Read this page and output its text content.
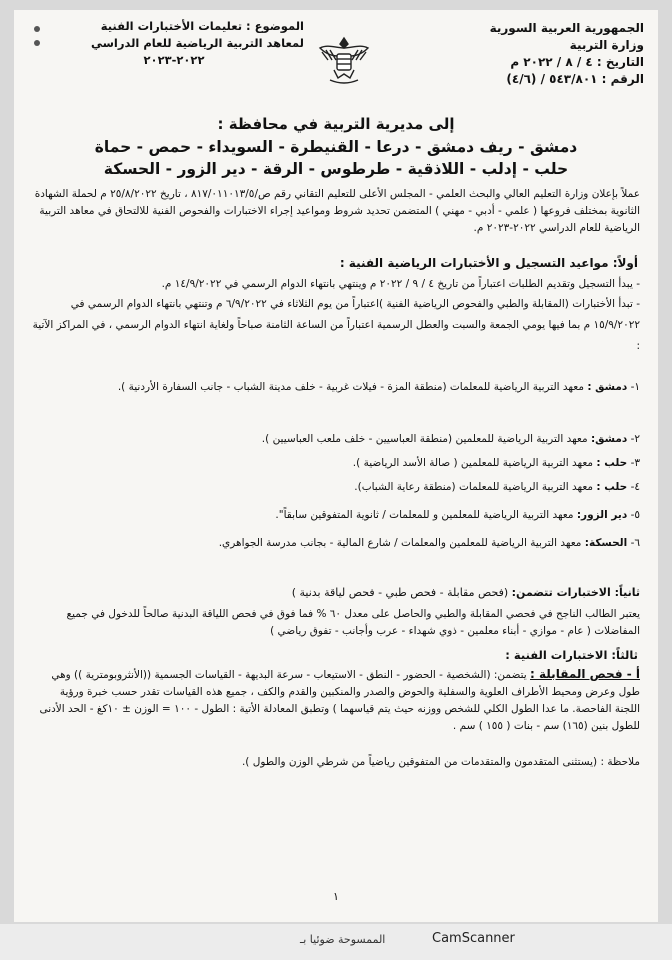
الجمهورية العربية السورية
وزارة التربية
التاريخ : ٤ / ٨ / ٢٠٢٢ م
الرقم : ٥٤٣/٨٠١ / (٤/٦)
الموضوع : تعليمات الأختبارات الفنية
لمعاهد التربية الرياضية للعام الدراسي
٢٠٢٢-٢٠٢٣
إلى مديرية التربية في محافظة :
دمشق - ريف دمشق - درعا - القنيطرة - السويداء - حمص - حماة
حلب - إدلب - اللاذقية - طرطوس - الرقة - دير الزور - الحسكة
عملاً بإعلان وزارة التعليم العالي والبحث العلمي - المجلس الأعلى للتعليم التقاني رقم ص/٨١٧/٠١١٠١٣/٥ ، تاريخ ٢٥/٨/٢٠٢٢ م لحملة الشهادة الثانوية بمختلف فروعها ( علمي - أدبي - مهني ) المتضمن تحديد شروط ومواعيد إجراء الاختبارات والفحوص الفنية للالتحاق في معاهد التربية الرياضية للعام الدراسي ٢٠٢٢-٢٠٢٣ م.
أولاً: مواعيد التسجيل و الأختبارات الرياضية الفنية :
- يبدأ التسجيل وتقديم الطلبات اعتباراً من تاريخ ٤ / ٩ / ٢٠٢٢ م وينتهي بانتهاء الدوام الرسمي في ١٤/٩/٢٠٢٢ م.
- تبدأ الأختبارات (المقابلة والطبي والفحوص الرياضية الفنية )اعتباراً من يوم الثلاثاء في ٦/٩/٢٠٢٢ م وتنتهي بانتهاء الدوام الرسمي في ١٥/٩/٢٠٢٢ م بما فيها يومي الجمعة والسبت والعطل الرسمية اعتباراً من الساعة الثامنة صباحاً ولغاية انتهاء الدوام الرسمي ، في المراكز الآتية :
١- دمشق : معهد التربية الرياضية للمعلمات (منطقة المزة - فيلات غربية - خلف مدينة الشباب - جانب السفارة الأردنية ).
٢- دمشق: معهد التربية الرياضية للمعلمين (منطقة العباسيين - خلف ملعب العباسيين ).
٣- حلب : معهد التربية الرياضية للمعلمين ( صالة الأسد الرياضية ).
٤- حلب : معهد التربية الرياضية للمعلمات (منطقة رعاية الشباب).
٥- دير الزور: معهد التربية الرياضية للمعلمين و للمعلمات / ثانوية المتفوقين سابقاً".
٦- الحسكة: معهد التربية الرياضية للمعلمين والمعلمات / شارع المالية - بجانب مدرسة الجواهري.
ثانياً: الاختبارات تتضمن: (فحص مقابلة - فحص طبي - فحص لياقة بدنية )
يعتبر الطالب الناجح في فحصي المقابلة والطبي والحاصل على معدل ٦٠ % فما فوق في فحص اللياقة البدنية صالحاً للدخول في جميع المفاضلات ( عام - موازي - أبناء معلمين - ذوي شهداء - عرب وأجانب - تفوق رياضي )
ثالثاً: الاختبارات الفنية :
أ - فحص المقابلة : يتضمن: (الشخصية - الحضور - النطق - الاستيعاب - سرعة البديهة - القياسات الجسمية ((الأنثروبومترية )) وهي طول وعرض ومحيط الأطراف العلوية والسفلية والحوض والصدر والمنكبين والقدم والكف ، جميع هذه القياسات تقدر حسب خبرة ورؤية اللجنة الفاحصة. ما عدا الطول الكلي للشخص ووزنه حيث يتم قياسهما ) وتطبق المعادلة الأتية : الطول - ١٠٠ = الوزن ± ١٠كغ - الحد الأدنى للطول بنين (١٦٥) سم - بنات ( ١٥٥ ) سم .
ملاحظة : (يستثنى المتقدمون والمتقدمات من المتفوقين رياضياً من شرطي الوزن والطول ).
١
الممسوحة ضوئيا بـ	CamScanner
